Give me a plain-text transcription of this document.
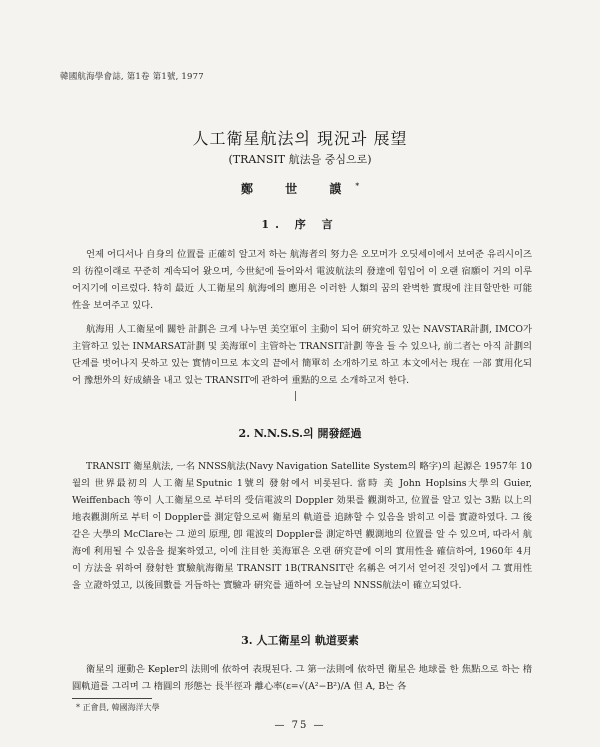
韓國航海學會誌, 第1卷 第1號, 1977
人工衛星航法의 現況과 展望
(TRANSIT 航法을 중심으로)
鄭 世 謨*
1. 序 言

언제 어디서나 自身의 位置를 正確히 알고저 하는 航海者의 努力은 오모머가 오딧세이에서 보여준 유리시이즈의 彷徨이래로 꾸준히 계속되어 왔으며, 今世紀에 들어와서 電波航法의 發達에 힘입어 이 오랜 宿願이 거의 이루어지기에 이르렀다. 特히 最近 人工衛星의 航海에의 應用은 이러한 人類의 꿈의 완벽한 實現에 注目할만한 可能性을 보여주고 있다.

航海用 人工衛星에 關한 計劃은 크게 나누면 美空軍이 主動이 되어 硏究하고 있는 NAVSTAR計劃, IMCO가 主管하고 있는 INMARSAT計劃 및 美海軍이 主管하는 TRANSIT計劃 等을 들 수 있으나, 前二者는 아직 計劃의 단계를 벗어나지 못하고 있는 實情이므로 本文의 끝에서 簡單히 소개하기로 하고 本文에서는 現在 一部 實用化되어 豫想外의 好成績을 내고 있는 TRANSIT에 관하여 重點的으로 소개하고저 한다.

2. N.N.S.S.의 開發經過

TRANSIT 衛星航法, 一名 NNSS航法(Navy Navigation Satellite System의 略字)의 起源은 1957年 10월의 世界最初의 人工衛星Sputnic 1號의 發射에서 비롯된다. 當時 美 John Hoplsins大學의 Guier, Weiffenbach 等이 人工衛星으로 부터의 受信電波의 Doppler 効果를 觀測하고, 位置를 알고 있는 3點 以上의 地表觀測所로 부터 이 Doppler를 測定함으로써 衛星의 軌道를 追跡할 수 있음을 밝히고 이를 實證하였다. 그 後 같은 大學의 McClare는 그 逆의 原理, 卽 電波의 Doppler를 測定하면 觀測地의 位置를 알 수 있으며, 따라서 航海에 利用될 수 있음을 提案하였고, 이에 注目한 美海軍은 오랜 硏究끝에 이의 實用性을 確信하여, 1960年 4月 이 方法을 위하여 發射한 實驗航海衛星 TRANSIT 1B(TRANSIT란 名稱은 여기서 얻어진 것임)에서 그 實用性을 立證하였고, 以後回數를 거듭하는 實驗과 硏究를 通하여 오늘날의 NNSS航法이 確立되었다.

3. 人工衛星의 軌道要素

衛星의 運動은 Kepler의 法則에 依하여 表現된다. 그 第一法則에 依하면 衛星은 地球를 한 焦點으로 하는 楕圓軌道를 그리며 그 楕圓의 形態는 長半徑과 離心率(ε=√(A²−B²)/A 但 A, B는 各

* 正會員, 韓國海洋大學
— 75 —
